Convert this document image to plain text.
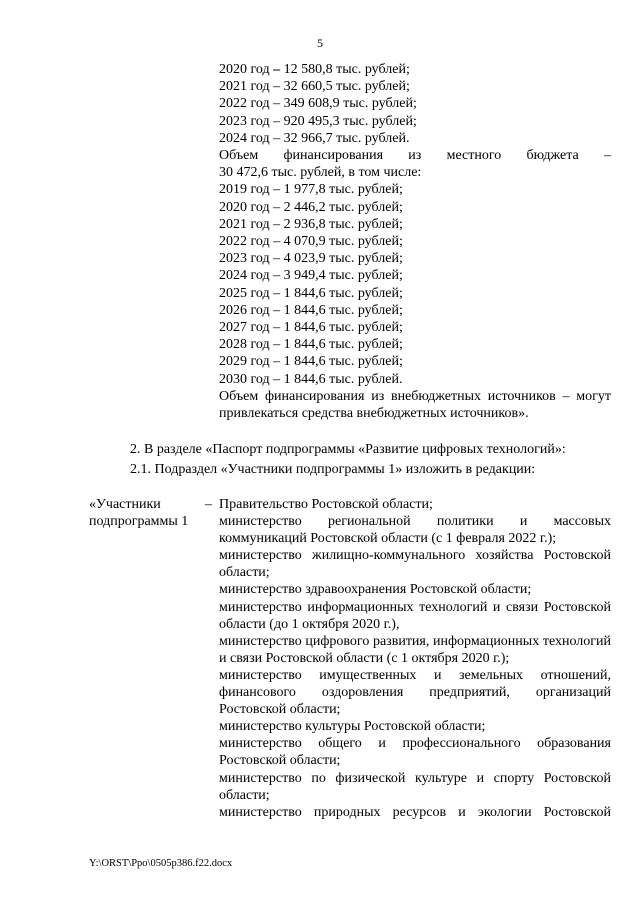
5
2020 год – 12 580,8 тыс. рублей;
2021 год – 32 660,5 тыс. рублей;
2022 год – 349 608,9 тыс. рублей;
2023 год – 920 495,3 тыс. рублей;
2024 год – 32 966,7 тыс. рублей.
Объем финансирования из местного бюджета –
30 472,6 тыс. рублей, в том числе:
2019 год – 1 977,8 тыс. рублей;
2020 год – 2 446,2 тыс. рублей;
2021 год – 2 936,8 тыс. рублей;
2022 год – 4 070,9 тыс. рублей;
2023 год – 4 023,9 тыс. рублей;
2024 год – 3 949,4 тыс. рублей;
2025 год – 1 844,6 тыс. рублей;
2026 год – 1 844,6 тыс. рублей;
2027 год – 1 844,6 тыс. рублей;
2028 год – 1 844,6 тыс. рублей;
2029 год – 1 844,6 тыс. рублей;
2030 год – 1 844,6 тыс. рублей.
Объем финансирования из внебюджетных источников – могут привлекаться средства внебюджетных источников».
2. В разделе «Паспорт подпрограммы «Развитие цифровых технологий»:
2.1. Подраздел «Участники подпрограммы 1» изложить в редакции:
«Участники
подпрограммы 1
– Правительство Ростовской области;
министерство региональной политики и массовых коммуникаций Ростовской области (с 1 февраля 2022 г.);
министерство жилищно-коммунального хозяйства Ростовской области;
министерство здравоохранения Ростовской области;
министерство информационных технологий и связи Ростовской области (до 1 октября 2020 г.),
министерство цифрового развития, информационных технологий и связи Ростовской области (с 1 октября 2020 г.);
министерство имущественных и земельных отношений, финансового оздоровления предприятий, организаций Ростовской области;
министерство культуры Ростовской области;
министерство общего и профессионального образования Ростовской области;
министерство по физической культуре и спорту Ростовской области;
министерство природных ресурсов и экологии Ростовской
Y:\ORST\Ppo\0505p386.f22.docx
